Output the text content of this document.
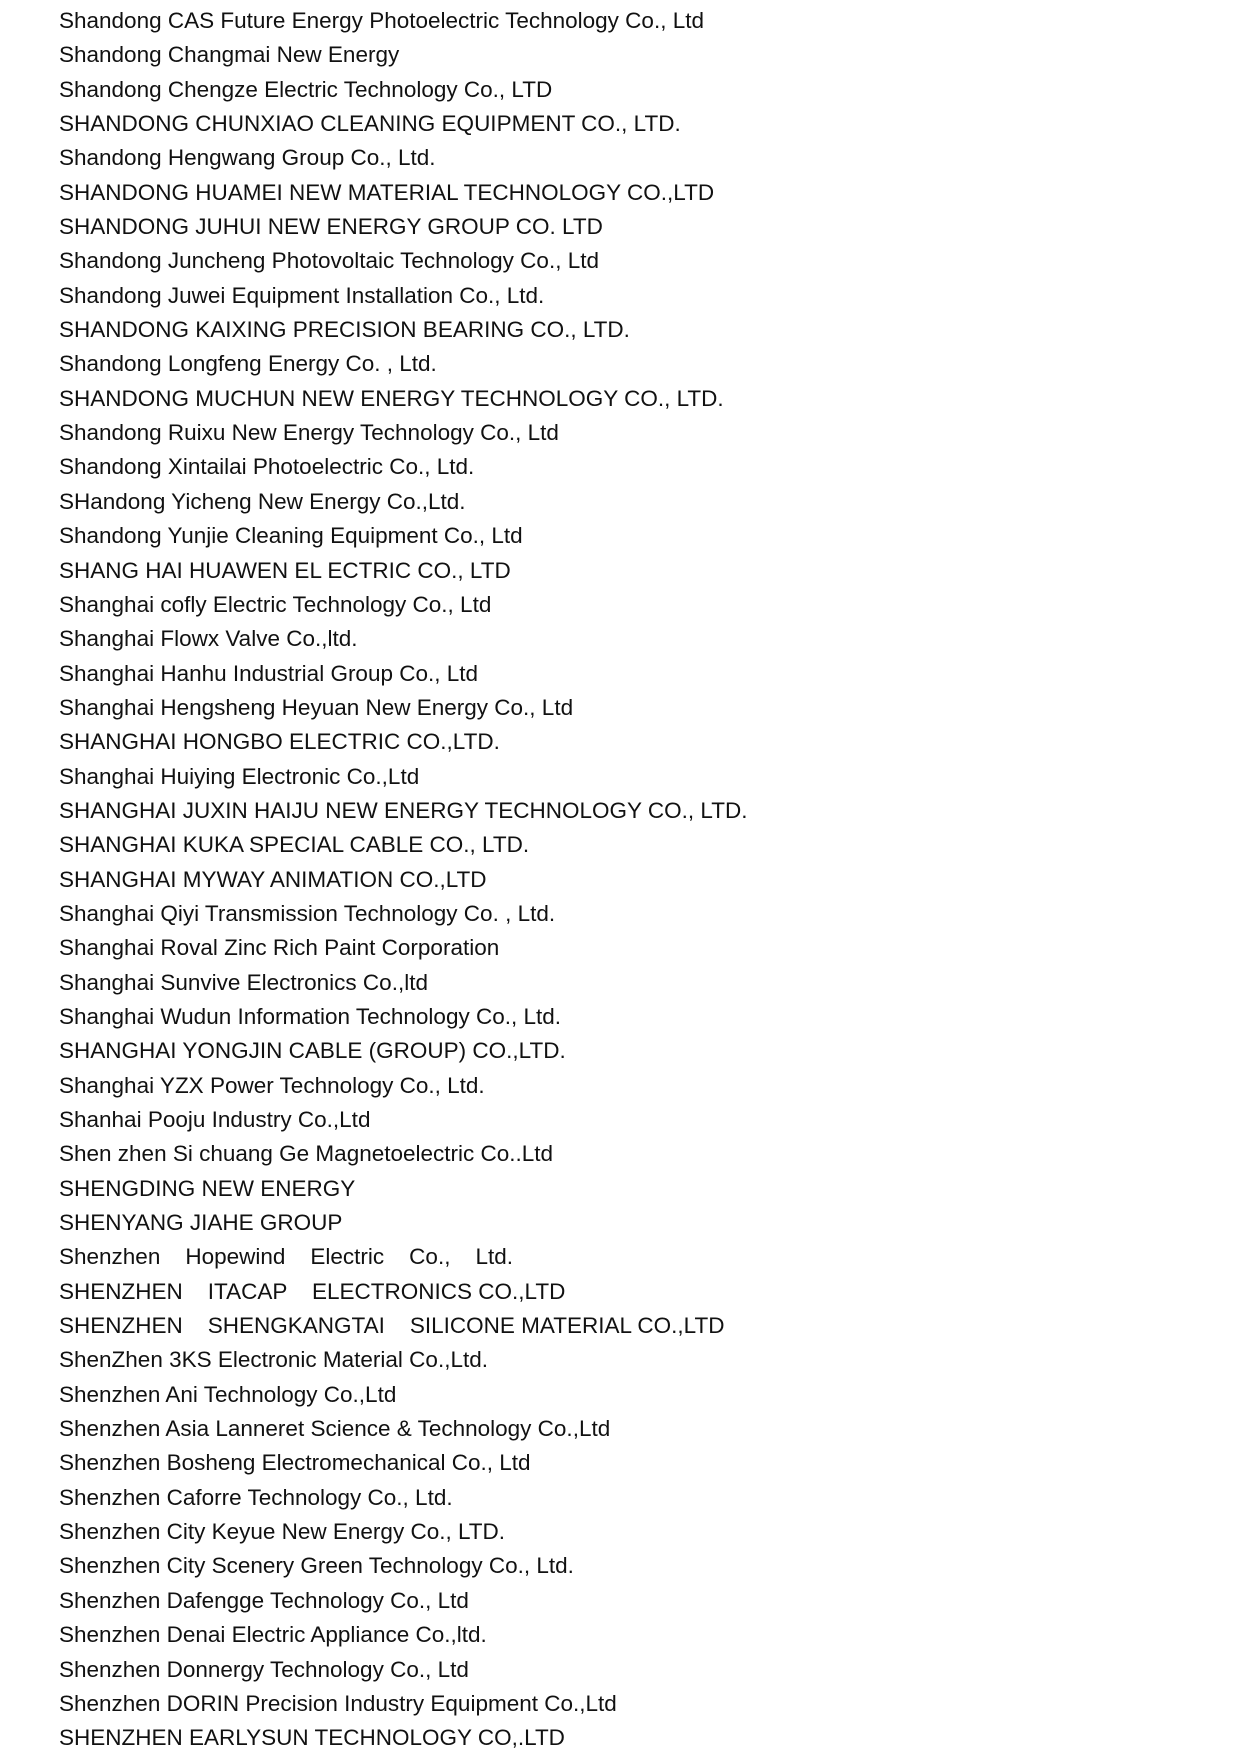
Shandong CAS Future Energy Photoelectric Technology Co., Ltd
Shandong Changmai New Energy
Shandong Chengze Electric Technology Co., LTD
SHANDONG CHUNXIAO CLEANING EQUIPMENT CO., LTD.
Shandong Hengwang Group Co., Ltd.
SHANDONG HUAMEI NEW MATERIAL TECHNOLOGY CO.,LTD
SHANDONG JUHUI NEW ENERGY GROUP CO. LTD
Shandong Juncheng Photovoltaic Technology Co., Ltd
Shandong Juwei Equipment Installation Co., Ltd.
SHANDONG KAIXING PRECISION BEARING CO., LTD.
Shandong Longfeng Energy Co. , Ltd.
SHANDONG MUCHUN NEW ENERGY TECHNOLOGY CO., LTD.
Shandong Ruixu New Energy Technology Co., Ltd
Shandong Xintailai Photoelectric Co., Ltd.
SHandong Yicheng New Energy Co.,Ltd.
Shandong Yunjie Cleaning Equipment Co., Ltd
SHANG HAI HUAWEN EL ECTRIC CO., LTD
Shanghai cofly Electric Technology Co., Ltd
Shanghai Flowx Valve Co.,ltd.
Shanghai Hanhu Industrial Group Co., Ltd
Shanghai Hengsheng Heyuan New Energy Co., Ltd
SHANGHAI HONGBO ELECTRIC CO.,LTD.
Shanghai Huiying Electronic Co.,Ltd
SHANGHAI JUXIN HAIJU NEW ENERGY TECHNOLOGY CO., LTD.
SHANGHAI KUKA SPECIAL CABLE CO., LTD.
SHANGHAI MYWAY ANIMATION CO.,LTD
Shanghai Qiyi Transmission Technology Co. , Ltd.
Shanghai Roval Zinc Rich Paint Corporation
Shanghai Sunvive Electronics Co.,ltd
Shanghai Wudun Information Technology Co., Ltd.
SHANGHAI YONGJIN CABLE (GROUP) CO.,LTD.
Shanghai YZX Power Technology Co., Ltd.
Shanhai Pooju Industry Co.,Ltd
Shen zhen Si chuang Ge Magnetoelectric Co..Ltd
SHENGDING NEW ENERGY
SHENYANG JIAHE GROUP
Shenzhen    Hopewind    Electric    Co.,    Ltd.
SHENZHEN    ITACAP    ELECTRONICS CO.,LTD
SHENZHEN    SHENGKANGTAI    SILICONE MATERIAL CO.,LTD
ShenZhen 3KS Electronic Material Co.,Ltd.
Shenzhen Ani Technology Co.,Ltd
Shenzhen Asia Lanneret Science & Technology Co.,Ltd
Shenzhen Bosheng Electromechanical Co., Ltd
Shenzhen Caforre Technology Co., Ltd.
Shenzhen City Keyue New Energy Co., LTD.
Shenzhen City Scenery Green Technology Co., Ltd.
Shenzhen Dafengge Technology Co., Ltd
Shenzhen Denai Electric Appliance Co.,ltd.
Shenzhen Donnergy Technology Co., Ltd
Shenzhen DORIN Precision Industry Equipment Co.,Ltd
SHENZHEN EARLYSUN TECHNOLOGY CO,.LTD
